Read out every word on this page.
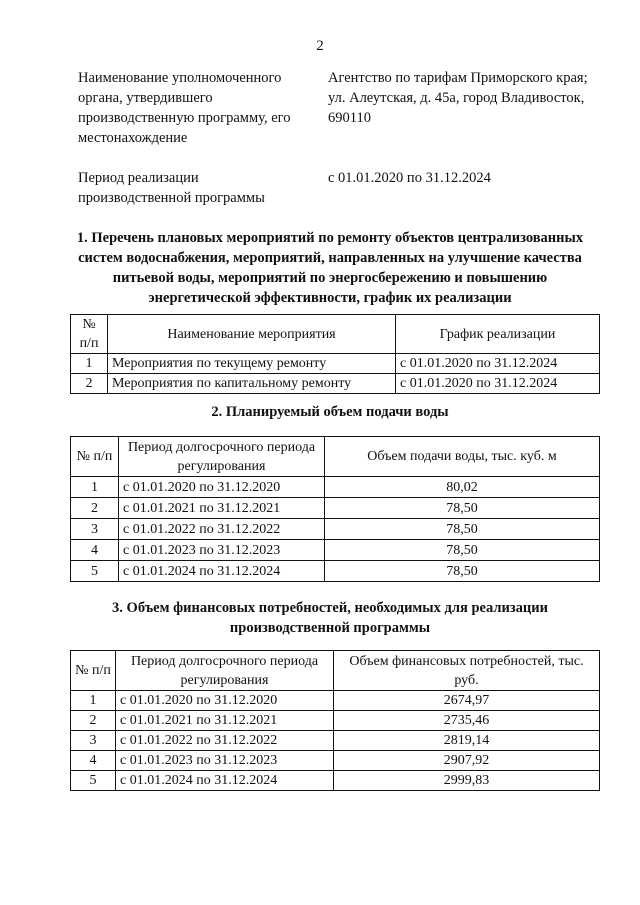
2
Наименование уполномоченного органа, утвердившего производственную программу, его местонахождение
Агентство по тарифам Приморского края; ул. Алеутская, д. 45а, город Владивосток, 690110
Период реализации производственной программы
с 01.01.2020 по 31.12.2024
1. Перечень плановых мероприятий по ремонту объектов централизованных систем водоснабжения, мероприятий, направленных на улучшение качества питьевой воды, мероприятий по энергосбережению и повышению энергетической эффективности, график их реализации
№ п/п	Наименование мероприятия	График реализации
1	Мероприятия по текущему ремонту	с 01.01.2020 по 31.12.2024
2	Мероприятия по капитальному ремонту	с 01.01.2020 по 31.12.2024
2. Планируемый объем подачи воды
№ п/п	Период долгосрочного периода регулирования	Объем подачи воды, тыс. куб. м
1	с 01.01.2020 по 31.12.2020	80,02
2	с 01.01.2021 по 31.12.2021	78,50
3	с 01.01.2022 по 31.12.2022	78,50
4	с 01.01.2023 по 31.12.2023	78,50
5	с 01.01.2024 по 31.12.2024	78,50
3. Объем финансовых потребностей, необходимых для реализации производственной программы
№ п/п	Период долгосрочного периода регулирования	Объем финансовых потребностей, тыс. руб.
1	с 01.01.2020 по 31.12.2020	2674,97
2	с 01.01.2021 по 31.12.2021	2735,46
3	с 01.01.2022 по 31.12.2022	2819,14
4	с 01.01.2023 по 31.12.2023	2907,92
5	с 01.01.2024 по 31.12.2024	2999,83
